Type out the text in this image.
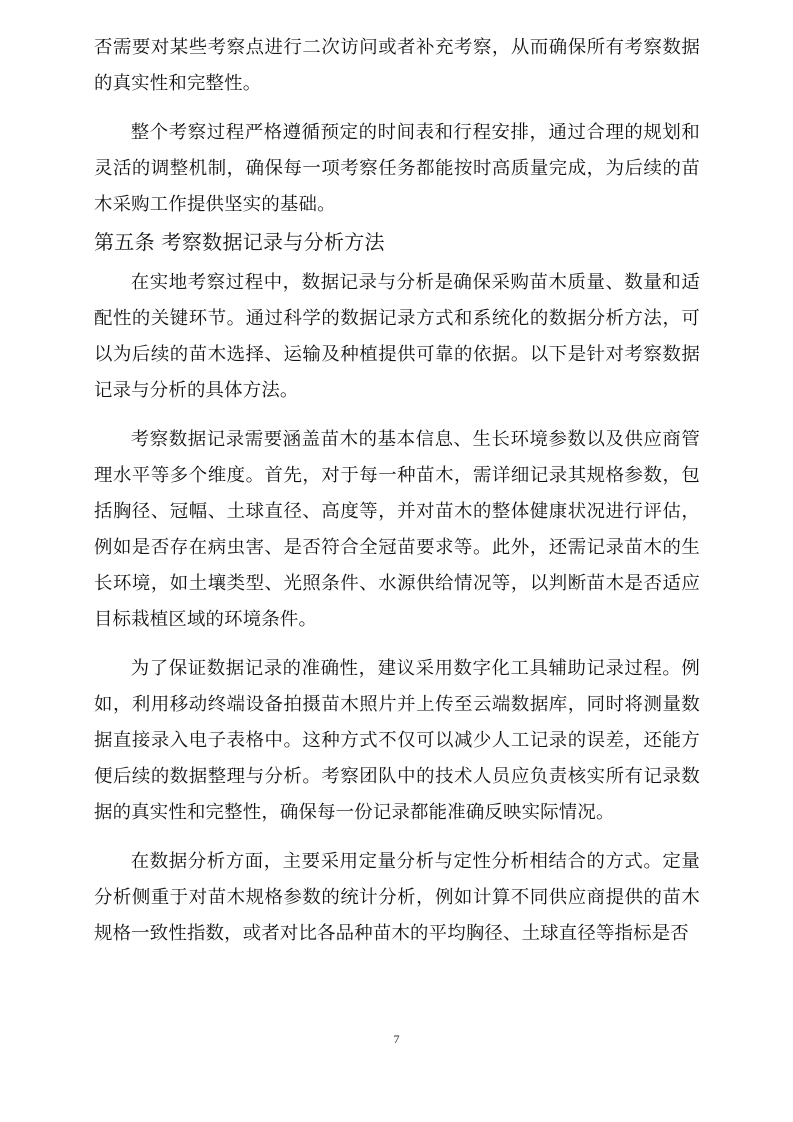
否需要对某些考察点进行二次访问或者补充考察，从而确保所有考察数据的真实性和完整性。

整个考察过程严格遵循预定的时间表和行程安排，通过合理的规划和灵活的调整机制，确保每一项考察任务都能按时高质量完成，为后续的苗木采购工作提供坚实的基础。

第五条 考察数据记录与分析方法

在实地考察过程中，数据记录与分析是确保采购苗木质量、数量和适配性的关键环节。通过科学的数据记录方式和系统化的数据分析方法，可以为后续的苗木选择、运输及种植提供可靠的依据。以下是针对考察数据记录与分析的具体方法。

考察数据记录需要涵盖苗木的基本信息、生长环境参数以及供应商管理水平等多个维度。首先，对于每一种苗木，需详细记录其规格参数，包括胸径、冠幅、土球直径、高度等，并对苗木的整体健康状况进行评估，例如是否存在病虫害、是否符合全冠苗要求等。此外，还需记录苗木的生长环境，如土壤类型、光照条件、水源供给情况等，以判断苗木是否适应目标栽植区域的环境条件。

为了保证数据记录的准确性，建议采用数字化工具辅助记录过程。例如，利用移动终端设备拍摄苗木照片并上传至云端数据库，同时将测量数据直接录入电子表格中。这种方式不仅可以减少人工记录的误差，还能方便后续的数据整理与分析。考察团队中的技术人员应负责核实所有记录数据的真实性和完整性，确保每一份记录都能准确反映实际情况。

在数据分析方面，主要采用定量分析与定性分析相结合的方式。定量分析侧重于对苗木规格参数的统计分析，例如计算不同供应商提供的苗木规格一致性指数，或者对比各品种苗木的平均胸径、土球直径等指标是否

7
